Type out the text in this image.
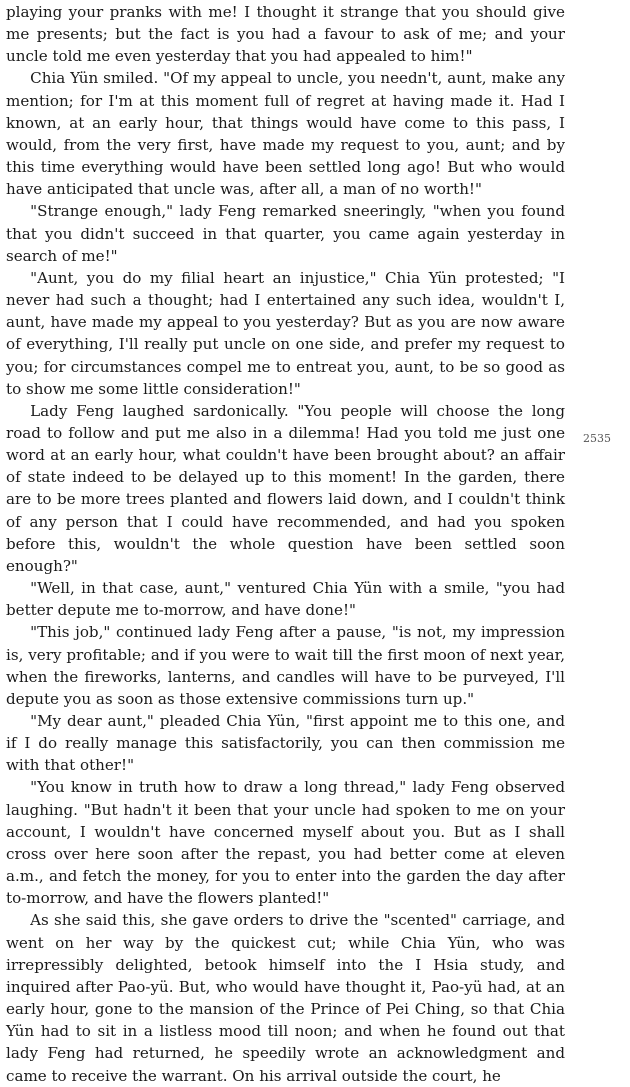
playing your pranks with me! I thought it strange that you should give me presents; but the fact is you had a favour to ask of me; and your uncle told me even yesterday that you had appealed to him!"

Chia Yün smiled. "Of my appeal to uncle, you needn't, aunt, make any mention; for I'm at this moment full of regret at having made it. Had I known, at an early hour, that things would have come to this pass, I would, from the very first, have made my request to you, aunt; and by this time everything would have been settled long ago! But who would have anticipated that uncle was, after all, a man of no worth!"

"Strange enough," lady Feng remarked sneeringly, "when you found that you didn't succeed in that quarter, you came again yesterday in search of me!"

"Aunt, you do my filial heart an injustice," Chia Yün protested; "I never had such a thought; had I entertained any such idea, wouldn't I, aunt, have made my appeal to you yesterday? But as you are now aware of everything, I'll really put uncle on one side, and prefer my request to you; for circumstances compel me to entreat you, aunt, to be so good as to show me some little consideration!"

Lady Feng laughed sardonically. "You people will choose the long road to follow and put me also in a dilemma! Had you told me just one word at an early hour, what couldn't have been brought about? an affair of state indeed to be delayed up to this moment! In the garden, there are to be more trees planted and flowers laid down, and I couldn't think of any person that I could have recommended, and had you spoken before this, wouldn't the whole question have been settled soon enough?"

"Well, in that case, aunt," ventured Chia Yün with a smile, "you had better depute me to-morrow, and have done!"

"This job," continued lady Feng after a pause, "is not, my impression is, very profitable; and if you were to wait till the first moon of next year, when the fireworks, lanterns, and candles will have to be purveyed, I'll depute you as soon as those extensive commissions turn up."

"My dear aunt," pleaded Chia Yün, "first appoint me to this one, and if I do really manage this satisfactorily, you can then commission me with that other!"

"You know in truth how to draw a long thread," lady Feng observed laughing. "But hadn't it been that your uncle had spoken to me on your account, I wouldn't have concerned myself about you. But as I shall cross over here soon after the repast, you had better come at eleven a.m., and fetch the money, for you to enter into the garden the day after to-morrow, and have the flowers planted!"

As she said this, she gave orders to drive the "scented" carriage, and went on her way by the quickest cut; while Chia Yün, who was irrepressibly delighted, betook himself into the I Hsia study, and inquired after Pao-yü. But, who would have thought it, Pao-yü had, at an early hour, gone to the mansion of the Prince of Pei Ching, so that Chia Yün had to sit in a listless mood till noon; and when he found out that lady Feng had returned, he speedily wrote an acknowledgment and came to receive the warrant. On his arrival outside the court, he

2535
